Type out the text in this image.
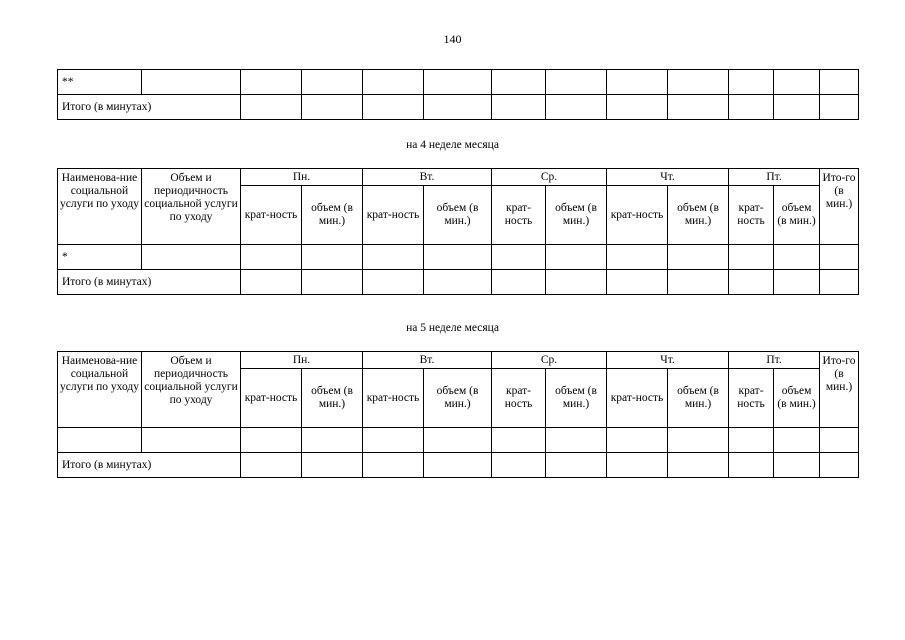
140
**												
Итого (в минутах)												
на 4 неделе месяца
Наименова-ние социальной услуги по уходу	Объем и периодичность социальной услуги по уходу	Пн.		Вт.		Ср.		Чт.		Пт.		Ито-го (в мин.)
		крат-ность	объем (в мин.)	крат-ность	объем (в мин.)	крат-ность	объем (в мин.)	крат-ность	объем (в мин.)	крат-ность	объем (в мин.)	
*												
Итого (в минутах)												
на 5 неделе месяца
Наименова-ние социальной услуги по уходу	Объем и периодичность социальной услуги по уходу	Пн.		Вт.		Ср.		Чт.		Пт.		Ито-го (в мин.)
		крат-ность	объем (в мин.)	крат-ность	объем (в мин.)	крат-ность	объем (в мин.)	крат-ность	объем (в мин.)	крат-ность	объем (в мин.)	

Итого (в минутах)												
